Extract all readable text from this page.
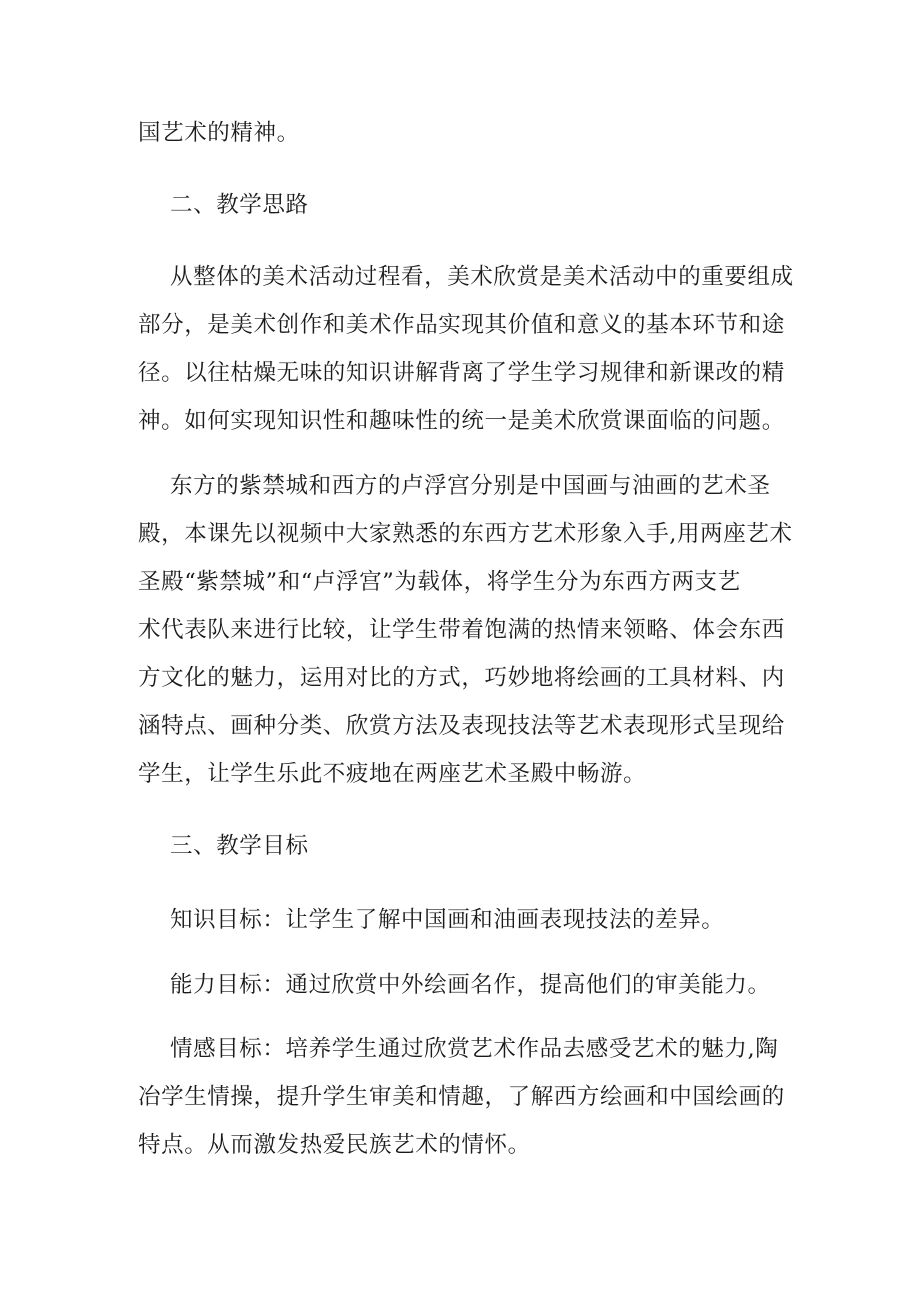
国艺术的精神。
二、教学思路
从整体的美术活动过程看，美术欣赏是美术活动中的重要组成
部分，是美术创作和美术作品实现其价值和意义的基本环节和途
径。以往枯燥无味的知识讲解背离了学生学习规律和新课改的精
神。如何实现知识性和趣味性的统一是美术欣赏课面临的问题。
东方的紫禁城和西方的卢浮宫分别是中国画与油画的艺术圣
殿，本课先以视频中大家熟悉的东西方艺术形象入手,用两座艺术
圣殿“紫禁城”和“卢浮宫”为载体，将学生分为东西方两支艺
术代表队来进行比较，让学生带着饱满的热情来领略、体会东西
方文化的魅力，运用对比的方式，巧妙地将绘画的工具材料、内
涵特点、画种分类、欣赏方法及表现技法等艺术表现形式呈现给
学生，让学生乐此不疲地在两座艺术圣殿中畅游。
三、教学目标
知识目标：让学生了解中国画和油画表现技法的差异。
能力目标：通过欣赏中外绘画名作，提高他们的审美能力。
情感目标：培养学生通过欣赏艺术作品去感受艺术的魅力,陶
冶学生情操，提升学生审美和情趣，了解西方绘画和中国绘画的
特点。从而激发热爱民族艺术的情怀。
